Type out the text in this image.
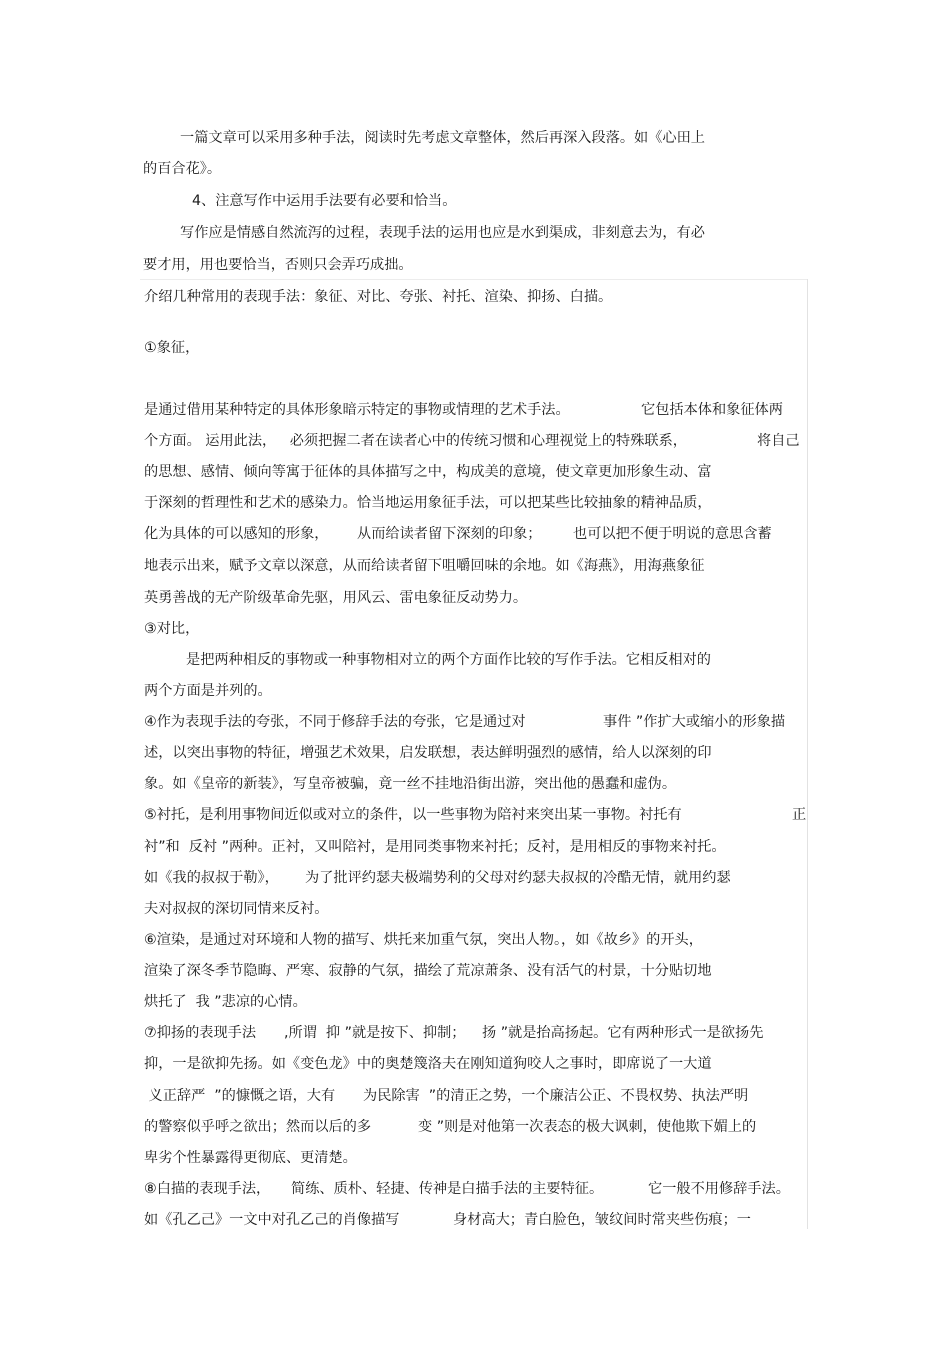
一篇文章可以采用多种手法，阅读时先考虑文章整体，然后再深入段落。如《心田上
的百合花》。
4、注意写作中运用手法要有必要和恰当。
写作应是情感自然流泻的过程，表现手法的运用也应是水到渠成，非刻意去为，有必
要才用，用也要恰当，否则只会弄巧成拙。
介绍几种常用的表现手法：象征、对比、夸张、衬托、渲染、抑扬、白描。
①象征，
是通过借用某种特定的具体形象暗示特定的事物或情理的艺术手法。	它包括本体和象征体两
个方面。 运用此法，   必须把握二者在读者心中的传统习惯和心理视觉上的特殊联系，	将自己
的思想、感情、倾向等寓于征体的具体描写之中，构成美的意境，使文章更加形象生动、富
于深刻的哲理性和艺术的感染力。恰当地运用象征手法，可以把某些比较抽象的精神品质，
化为具体的可以感知的形象， 从而给读者留下深刻的印象； 也可以把不便于明说的意思含蓄
地表示出来，赋予文章以深意，从而给读者留下咀嚼回味的余地。如《海燕》，用海燕象征
英勇善战的无产阶级革命先驱，用风云、雷电象征反动势力。
③对比，
是把两种相反的事物或一种事物相对立的两个方面作比较的写作手法。它相反相对的
两个方面是并列的。
④作为表现手法的夸张，不同于修辞手法的夸张，它是通过对	事件 ”作扩大或缩小的形象描
述，以突出事物的特征，增强艺术效果，启发联想，表达鲜明强烈的感情，给人以深刻的印
象。如《皇帝的新装》，写皇帝被骗，竟一丝不挂地沿街出游，突出他的愚蠢和虚伪。
⑤衬托，是利用事物间近似或对立的条件，以一些事物为陪衬来突出某一事物。衬托有	正
衬”和  反衬 ”两种。正衬，又叫陪衬，是用同类事物来衬托；反衬，是用相反的事物来衬托。
如《我的叔叔于勒》， 为了批评约瑟夫极端势利的父母对约瑟夫叔叔的冷酷无情，就用约瑟
夫对叔叔的深切同情来反衬。
⑥渲染，是通过对环境和人物的描写、烘托来加重气氛，突出人物。，如《故乡》的开头，
渲染了深冬季节隐晦、严寒、寂静的气氛，描绘了荒凉萧条、没有活气的村景，十分贴切地
烘托了  我 ”悲凉的心情。
⑦抑扬的表现手法 ,所谓  抑 ”就是按下、抑制； 扬 ”就是抬高扬起。它有两种形式一是欲扬先
抑，一是欲抑先扬。如《变色龙》中的奥楚篾洛夫在刚知道狗咬人之事时，即席说了一大道
义正辞严  ”的慷慨之语，大有 为民除害  ”的清正之势，一个廉洁公正、不畏权势、执法严明
的警察似乎呼之欲出；然而以后的多	变 ”则是对他第一次表态的极大讽刺，使他欺下媚上的
卑劣个性暴露得更彻底、更清楚。
⑧白描的表现手法， 简练、质朴、轻捷、传神是白描手法的主要特征。	它一般不用修辞手法。
如《孔乙己》一文中对孔乙己的肖像描写	身材高大；青白脸色，皱纹间时常夹些伤痕；一
